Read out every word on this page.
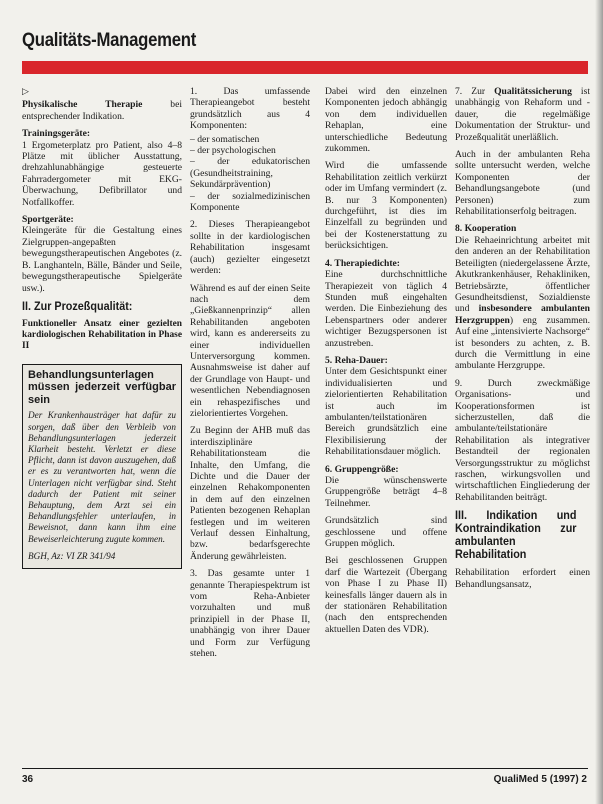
Qualitäts-Management
▷

Physikalische Therapie bei entsprechender Indikation.

Trainingsgeräte:
1 Ergometerplatz pro Patient, also 4–8 Plätze mit üblicher Ausstattung, drehzahlunabhängige gesteuerte Fahrradergometer mit EKG-Überwachung, Defibrillator und Notfallkoffer.

Sportgeräte:
Kleingeräte für die Gestaltung eines Zielgruppen-angepaßten bewegungstherapeutischen Angebotes (z. B. Langhanteln, Bälle, Bänder und Seile, bewegungstherapeutische Spielgeräte usw.).

II. Zur Prozeßqualität:
Funktioneller Ansatz einer gezielten kardiologischen Rehabilitation in Phase II
Behandlungsunterlagen müssen jederzeit verfügbar sein
Der Krankenhausträger hat dafür zu sorgen, daß über den Verbleib von Behandlungsunterlagen jederzeit Klarheit besteht. Verletzt er diese Pflicht, dann ist davon auszugehen, daß er es zu verantworten hat, wenn die Unterlagen nicht verfügbar sind. Steht dadurch der Patient mit seiner Behauptung, dem Arzt sei ein Behandlungsfehler unterlaufen, in Beweisnot, dann kann ihm eine Beweiserleichterung zugute kommen.
BGH, Az: VI ZR 341/94

1. Das umfassende Therapieangebot besteht grundsätzlich aus 4 Komponenten:

– der somatischen
– der psychologischen
– der edukatorischen (Gesundheitstraining, Sekundärprävention)
– der sozialmedizinischen Komponente

2. Dieses Therapieangebot sollte in der kardiologischen Rehabilitation insgesamt (auch) gezielter eingesetzt werden:

Während es auf der einen Seite nach dem „Gießkannenprinzip“ allen Rehabilitanden angeboten wird, kann es andererseits zu einer individuellen Unterversorgung kommen. Ausnahmsweise ist daher auf der Grundlage von Haupt- und wesentlichen Nebendiagnosen ein rehaspezifisches und zielorientiertes Vorgehen.

Zu Beginn der AHB muß das interdisziplinäre Rehabilitationsteam die Inhalte, den Umfang, die Dichte und die Dauer der einzelnen Rehakomponenten in dem auf den einzelnen Patienten bezogenen Rehaplan festlegen und im weiteren Verlauf dessen Einhaltung, bzw. bedarfsgerechte Änderung gewährleisten.

3. Das gesamte unter 1 genannte Therapiespektrum ist vom Reha-Anbieter vorzuhalten und muß prinzipiell in der Phase II, unabhängig von ihrer Dauer und Form zur Verfügung stehen.

Dabei wird den einzelnen Komponenten jedoch abhängig von dem individuellen Rehaplan, eine unterschiedliche Bedeutung zukommen.

Wird die umfassende Rehabilitation zeitlich verkürzt oder im Umfang vermindert (z. B. nur 3 Komponenten) durchgeführt, ist dies im Einzelfall zu begründen und bei der Kostenerstattung zu berücksichtigen.

4. Therapiedichte:

Eine durchschnittliche Therapiezeit von täglich 4 Stunden muß eingehalten werden. Die Einbeziehung des Lebenspartners oder anderer wichtiger Bezugspersonen ist anzustreben.

5. Reha-Dauer:

Unter dem Gesichtspunkt einer individualisierten und zielorientierten Rehabilitation ist auch im ambulanten/teilstationären Bereich grundsätzlich eine Flexibilisierung der Rehabilitationsdauer möglich.

6. Gruppengröße:

Die wünschenswerte Gruppengröße beträgt 4–8 Teilnehmer.

Grundsätzlich sind geschlossene und offene Gruppen möglich.

Bei geschlossenen Gruppen darf die Wartezeit (Übergang von Phase I zu Phase II) keinesfalls länger dauern als in der stationären Rehabilitation (nach den entsprechenden aktuellen Daten des VDR).

7. Zur Qualitätssicherung ist unabhängig von Rehaform und -dauer, die regelmäßige Dokumentation der Struktur- und Prozeßqualität unerläßlich.

Auch in der ambulanten Reha sollte untersucht werden, welche Komponenten der Behandlungsangebote (und Personen) zum Rehabilitationserfolg beitragen.

8. Kooperation

Die Rehaeinrichtung arbeitet mit den anderen an der Rehabilitation Beteiligten (niedergelassene Ärzte, Akutkrankenhäuser, Rehakliniken, Betriebsärzte, öffentlicher Gesundheitsdienst, Sozialdienste und insbesondere ambulanten Herzgruppen) eng zusammen. Auf eine „intensivierte Nachsorge“ ist besonders zu achten, z. B. durch die Vermittlung in eine ambulante Herzgruppe.

9. Durch zweckmäßige Organisations- und Kooperationsformen ist sicherzustellen, daß die ambulante/teilstationäre Rehabilitation als integrativer Bestandteil der regionalen Versorgungsstruktur zu möglichst raschen, wirkungsvollen und wirtschaftlichen Eingliederung der Rehabilitanden beiträgt.

III. Indikation und Kontraindikation zur ambulanten Rehabilitation

Rehabilitation erfordert einen Behandlungsansatz,

36	QualiMed 5 (1997) 2
